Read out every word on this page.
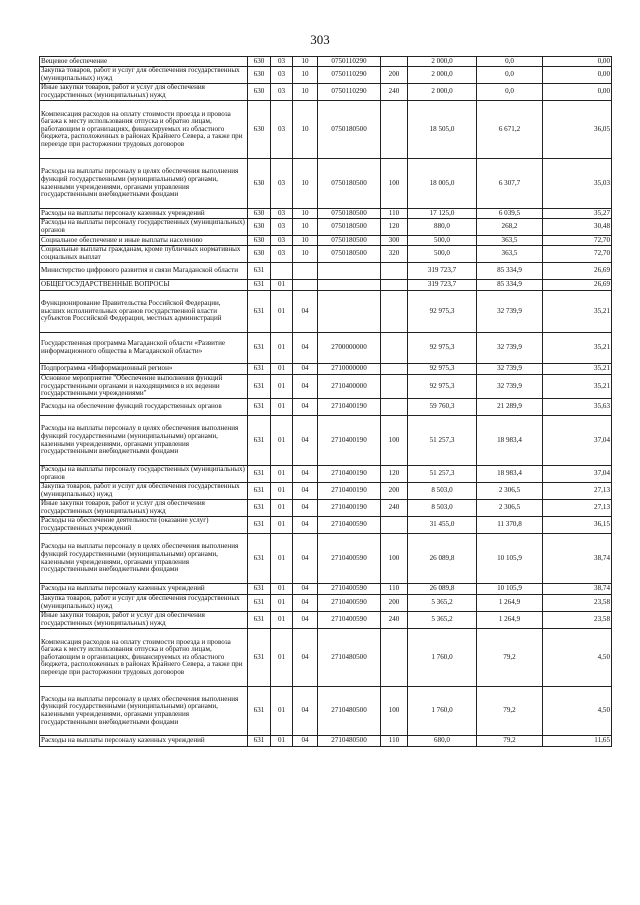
303
Вещевое обеспечение	630	03	10	0750110290		2 000,0	0,0	0,00
Закупка товаров, работ и услуг для обеспечения государственных (муниципальных) нужд	630	03	10	0750110290	200	2 000,0	0,0	0,00
Иные закупки товаров, работ и услуг для обеспечения государственных (муниципальных) нужд	630	03	10	0750110290	240	2 000,0	0,0	0,00
Компенсация расходов на оплату стоимости проезда и провоза багажа к месту использования отпуска и обратно лицам, работающим в организациях, финансируемых из областного бюджета, расположенных в районах Крайнего Севера, а также при переезде при расторжении трудовых договоров	630	03	10	0750180500		18 505,0	6 671,2	36,05
Расходы на выплаты персоналу в целях обеспечения выполнения функций государственными (муниципальными) органами, казенными учреждениями, органами управления государственными внебюджетными фондами	630	03	10	0750180500	100	18 005,0	6 307,7	35,03
Расходы на выплаты персоналу казенных учреждений	630	03	10	0750180500	110	17 125,0	6 039,5	35,27
Расходы на выплаты персоналу государственных (муниципальных) органов	630	03	10	0750180500	120	880,0	268,2	30,48
Социальное обеспечение и иные выплаты населению	630	03	10	0750180500	300	500,0	363,5	72,70
Социальные выплаты гражданам, кроме публичных нормативных социальных выплат	630	03	10	0750180500	320	500,0	363,5	72,70
Министерство цифрового развития и связи Магаданской области	631					319 723,7	85 334,9	26,69
ОБЩЕГОСУДАРСТВЕННЫЕ ВОПРОСЫ	631	01				319 723,7	85 334,9	26,69
Функционирование Правительства Российской Федерации, высших исполнительных органов государственной власти субъектов Российской Федерации, местных администраций	631	01	04			92 975,3	32 739,9	35,21
Государственная программа Магаданской области «Развитие информационного общества в Магаданской области»	631	01	04	2700000000		92 975,3	32 739,9	35,21
Подпрограмма «Информационный регион»	631	01	04	2710000000		92 975,3	32 739,9	35,21
Основное мероприятие "Обеспечение выполнения функций государственными органами и находящимися в их ведении государственными учреждениями"	631	01	04	2710400000		92 975,3	32 739,9	35,21
Расходы на обеспечение функций государственных органов	631	01	04	2710400190		59 760,3	21 289,9	35,63
Расходы на выплаты персоналу в целях обеспечения выполнения функций государственными (муниципальными) органами, казенными учреждениями, органами управления государственными внебюджетными фондами	631	01	04	2710400190	100	51 257,3	18 983,4	37,04
Расходы на выплаты персоналу государственных (муниципальных) органов	631	01	04	2710400190	120	51 257,3	18 983,4	37,04
Закупка товаров, работ и услуг для обеспечения государственных (муниципальных) нужд	631	01	04	2710400190	200	8 503,0	2 306,5	27,13
Иные закупки товаров, работ и услуг для обеспечения государственных (муниципальных) нужд	631	01	04	2710400190	240	8 503,0	2 306,5	27,13
Расходы на обеспечение деятельности (оказание услуг) государственных учреждений	631	01	04	2710400590		31 455,0	11 370,8	36,15
Расходы на выплаты персоналу в целях обеспечения выполнения функций государственными (муниципальными) органами, казенными учреждениями, органами управления государственными внебюджетными фондами	631	01	04	2710400590	100	26 089,8	10 105,9	38,74
Расходы на выплаты персоналу казенных учреждений	631	01	04	2710400590	110	26 089,8	10 105,9	38,74
Закупка товаров, работ и услуг для обеспечения государственных (муниципальных) нужд	631	01	04	2710400590	200	5 365,2	1 264,9	23,58
Иные закупки товаров, работ и услуг для обеспечения государственных (муниципальных) нужд	631	01	04	2710400590	240	5 365,2	1 264,9	23,58
Компенсация расходов на оплату стоимости проезда и провоза багажа к месту использования отпуска и обратно лицам, работающим в организациях, финансируемых из областного бюджета, расположенных в районах Крайнего Севера, а также при переезде при расторжении трудовых договоров	631	01	04	2710480500		1 760,0	79,2	4,50
Расходы на выплаты персоналу в целях обеспечения выполнения функций государственными (муниципальными) органами, казенными учреждениями, органами управления государственными внебюджетными фондами	631	01	04	2710480500	100	1 760,0	79,2	4,50
Расходы на выплаты персоналу казенных учреждений	631	01	04	2710480500	110	680,0	79,2	11,65
